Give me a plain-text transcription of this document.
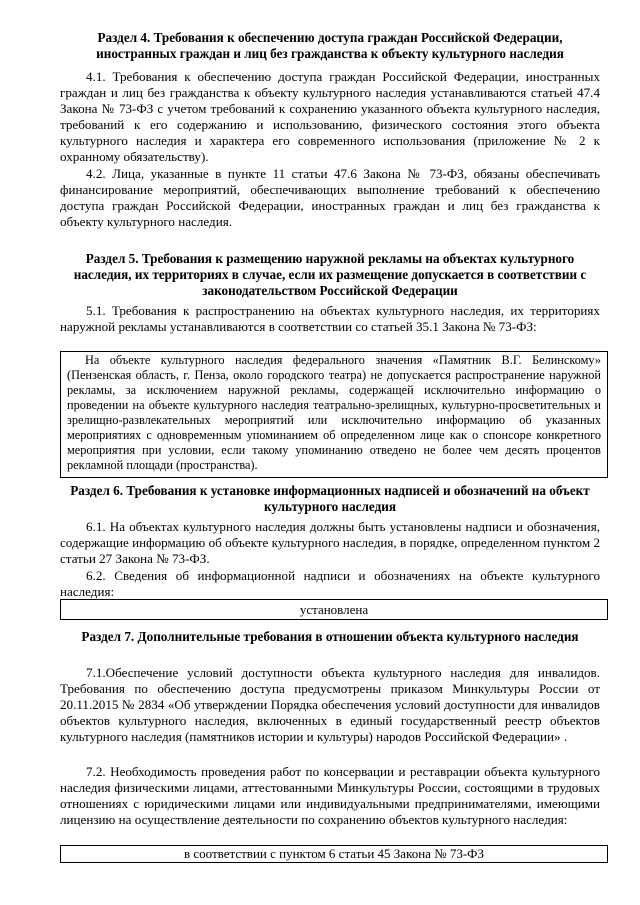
Раздел 4. Требования к обеспечению доступа граждан Российской Федерации, иностранных граждан и лиц без гражданства к объекту культурного наследия

4.1. Требования к обеспечению доступа граждан Российской Федерации, иностранных граждан и лиц без гражданства к объекту культурного наследия устанавливаются статьей 47.4 Закона № 73-ФЗ с учетом требований к сохранению указанного объекта культурного наследия, требований к его содержанию и использованию, физического состояния этого объекта культурного наследия и характера его современного использования (приложение № 2 к охранному обязательству).

4.2. Лица, указанные в пункте 11 статьи 47.6 Закона № 73-ФЗ, обязаны обеспечивать финансирование мероприятий, обеспечивающих выполнение требований к обеспечению доступа граждан Российской Федерации, иностранных граждан и лиц без гражданства к объекту культурного наследия.

Раздел 5. Требования к размещению наружной рекламы на объектах культурного наследия, их территориях в случае, если их размещение допускается в соответствии с законодательством Российской Федерации

5.1. Требования к распространению на объектах культурного наследия, их территориях наружной рекламы устанавливаются в соответствии со статьей 35.1 Закона № 73-ФЗ:

На объекте культурного наследия федерального значения «Памятник В.Г. Белинскому» (Пензенская область, г. Пенза, около городского театра) не допускается распространение наружной рекламы, за исключением наружной рекламы, содержащей исключительно информацию о проведении на объекте культурного наследия театрально-зрелищных, культурно-просветительных и зрелищно-развлекательных мероприятий или исключительно информацию об указанных мероприятиях с одновременным упоминанием об определенном лице как о спонсоре конкретного мероприятия при условии, если такому упоминанию отведено не более чем десять процентов рекламной площади (пространства).

Раздел 6. Требования к установке информационных надписей и обозначений на объект культурного наследия

6.1. На объектах культурного наследия должны быть установлены надписи и обозначения, содержащие информацию об объекте культурного наследия, в порядке, определенном пунктом 2 статьи 27 Закона № 73-ФЗ.

6.2. Сведения об информационной надписи и обозначениях на объекте культурного наследия:

установлена

Раздел 7. Дополнительные требования в отношении объекта культурного наследия

7.1.Обеспечение условий доступности объекта культурного наследия для инвалидов. Требования по обеспечению доступа предусмотрены приказом Минкультуры России от 20.11.2015 № 2834 «Об утверждении Порядка обеспечения условий доступности для инвалидов объектов культурного наследия, включенных в единый государственный реестр объектов культурного наследия (памятников истории и культуры) народов Российской Федерации» .

7.2. Необходимость проведения работ по консервации и реставрации объекта культурного наследия физическими лицами, аттестованными Минкультуры России, состоящими в трудовых отношениях с юридическими лицами или индивидуальными предпринимателями, имеющими лицензию на осуществление деятельности по сохранению объектов культурного наследия:

в соответствии с пунктом 6 статьи 45 Закона № 73-ФЗ
